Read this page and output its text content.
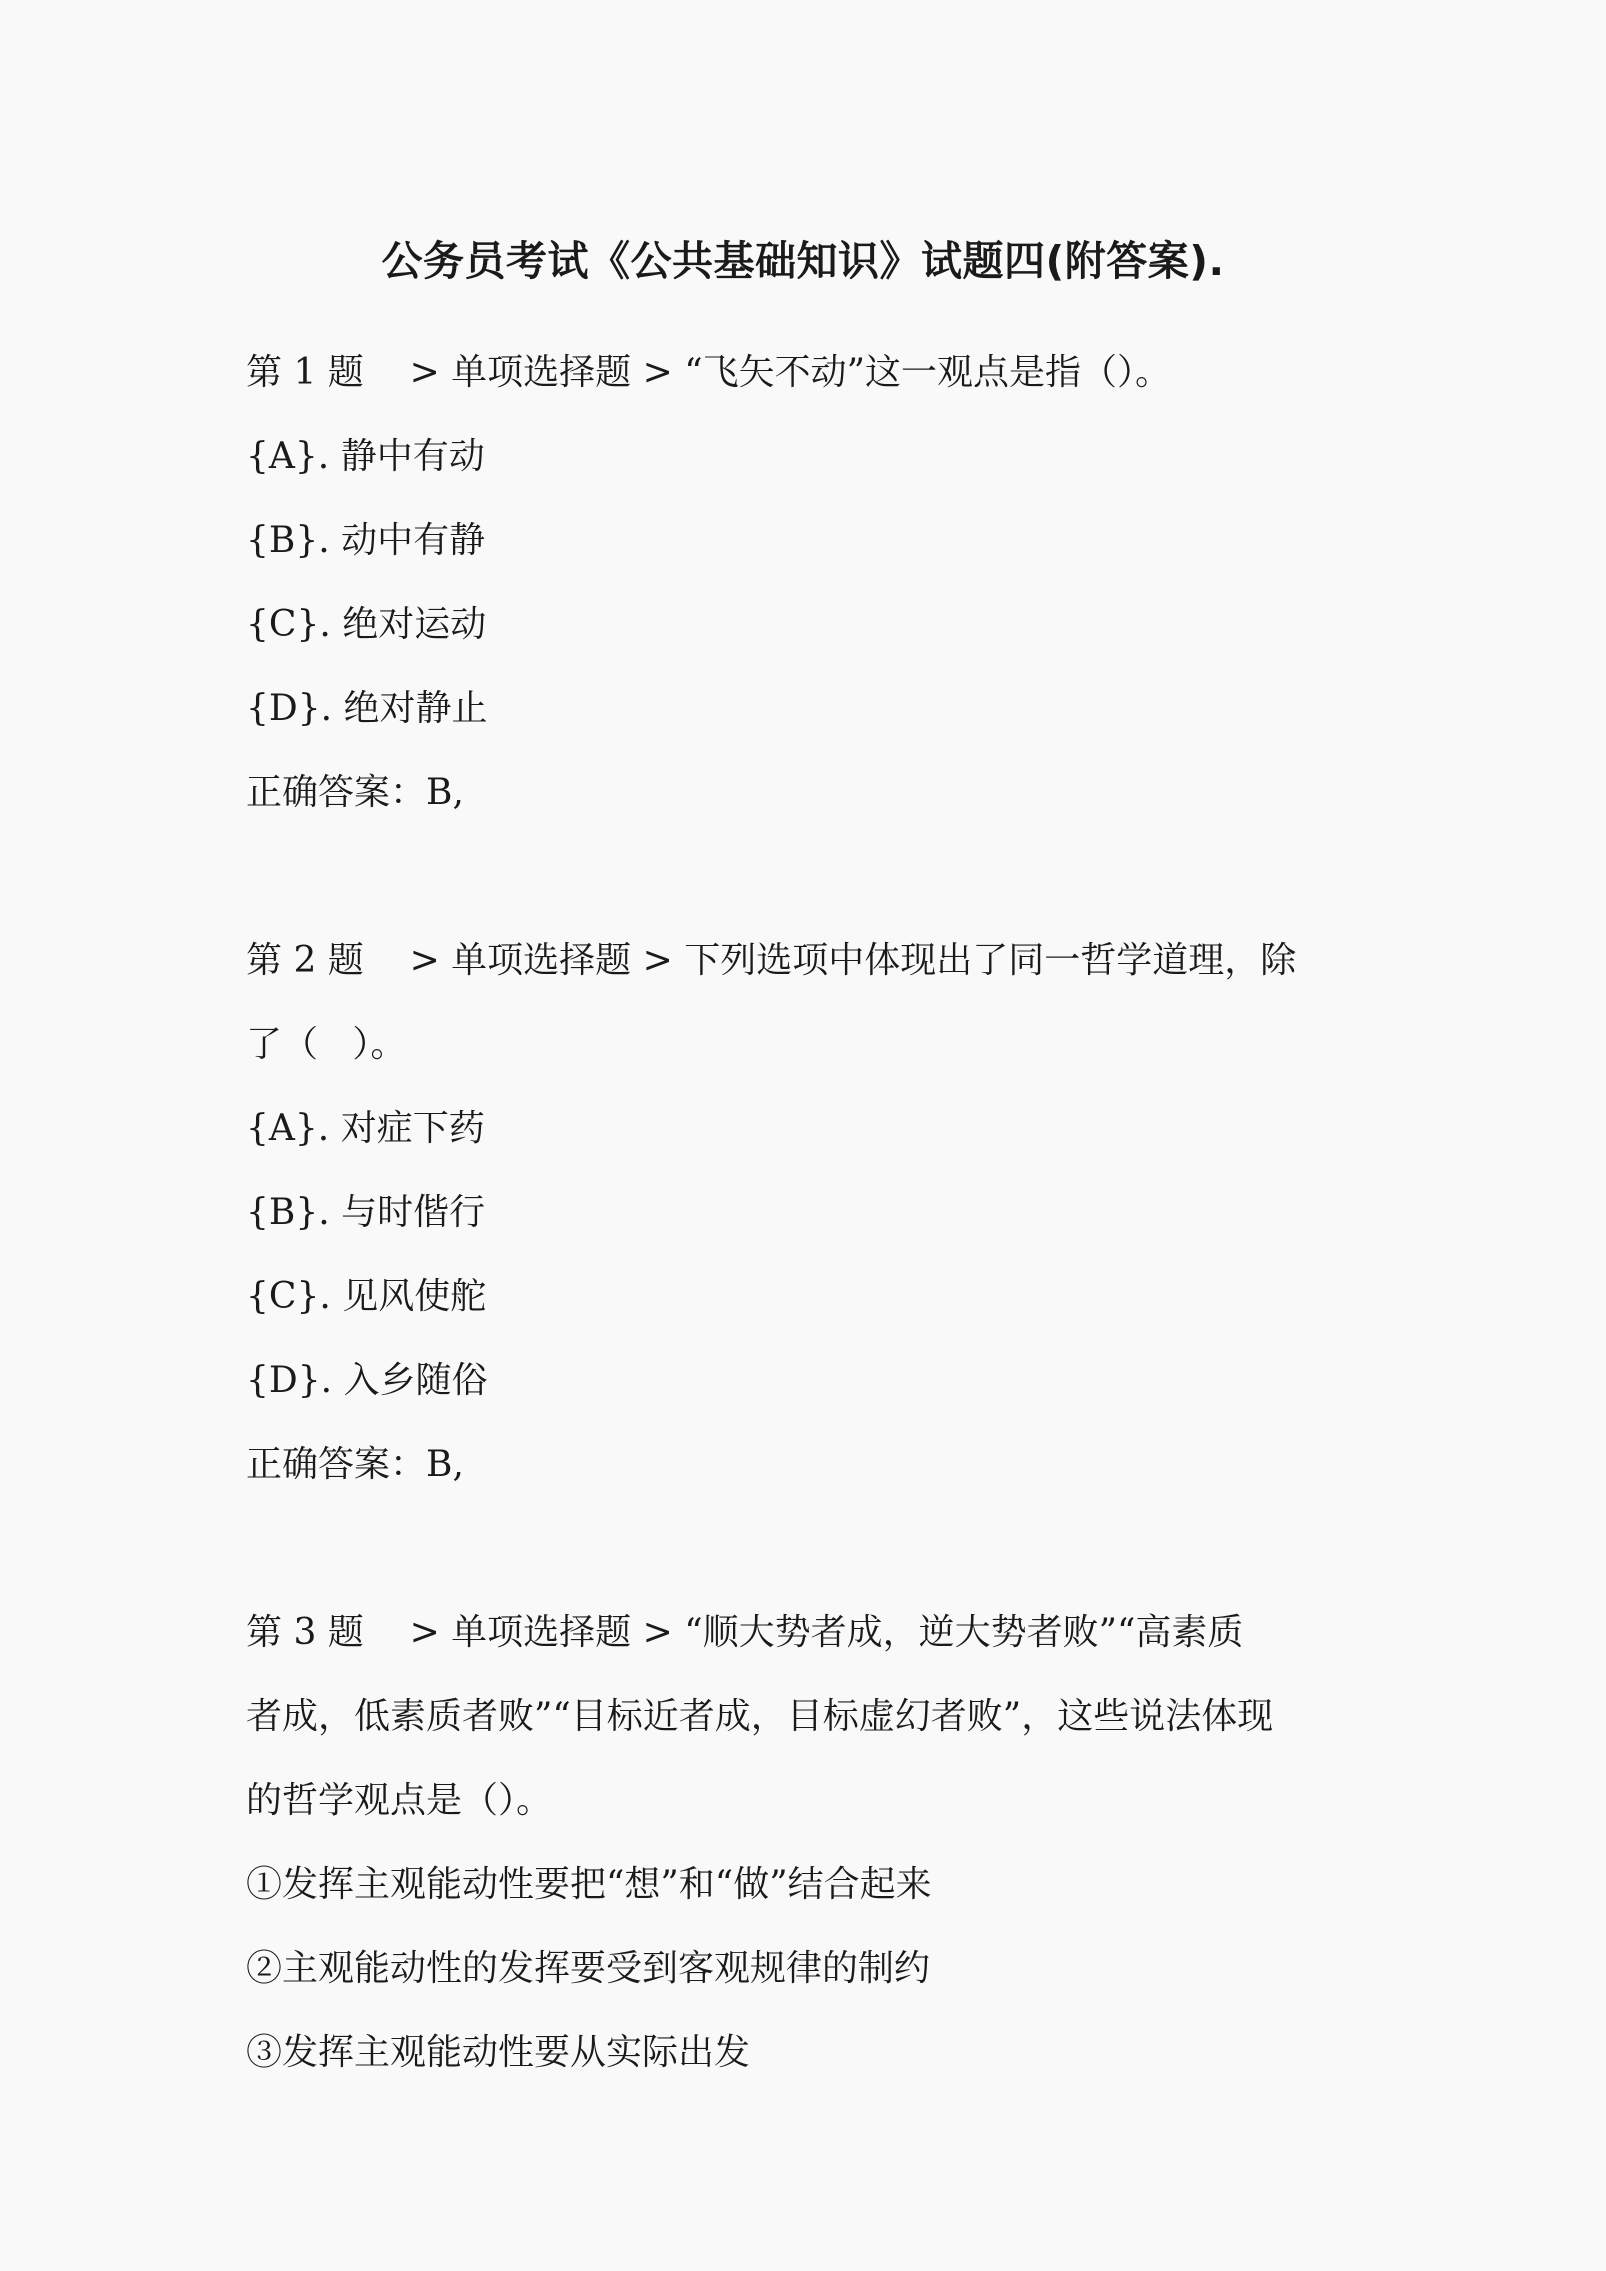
公务员考试《公共基础知识》试题四(附答案).
第 1 题    > 单项选择题 > “飞矢不动”这一观点是指（）。
{A}. 静中有动
{B}. 动中有静
{C}. 绝对运动
{D}. 绝对静止
正确答案：B,
第 2 题    > 单项选择题 > 下列选项中体现出了同一哲学道理，除
了（   ）。
{A}. 对症下药
{B}. 与时偕行
{C}. 见风使舵
{D}. 入乡随俗
正确答案：B,
第 3 题    > 单项选择题 > “顺大势者成，逆大势者败”“高素质
者成，低素质者败”“目标近者成，目标虚幻者败”，这些说法体现
的哲学观点是（）。
①发挥主观能动性要把“想”和“做”结合起来
②主观能动性的发挥要受到客观规律的制约
③发挥主观能动性要从实际出发
